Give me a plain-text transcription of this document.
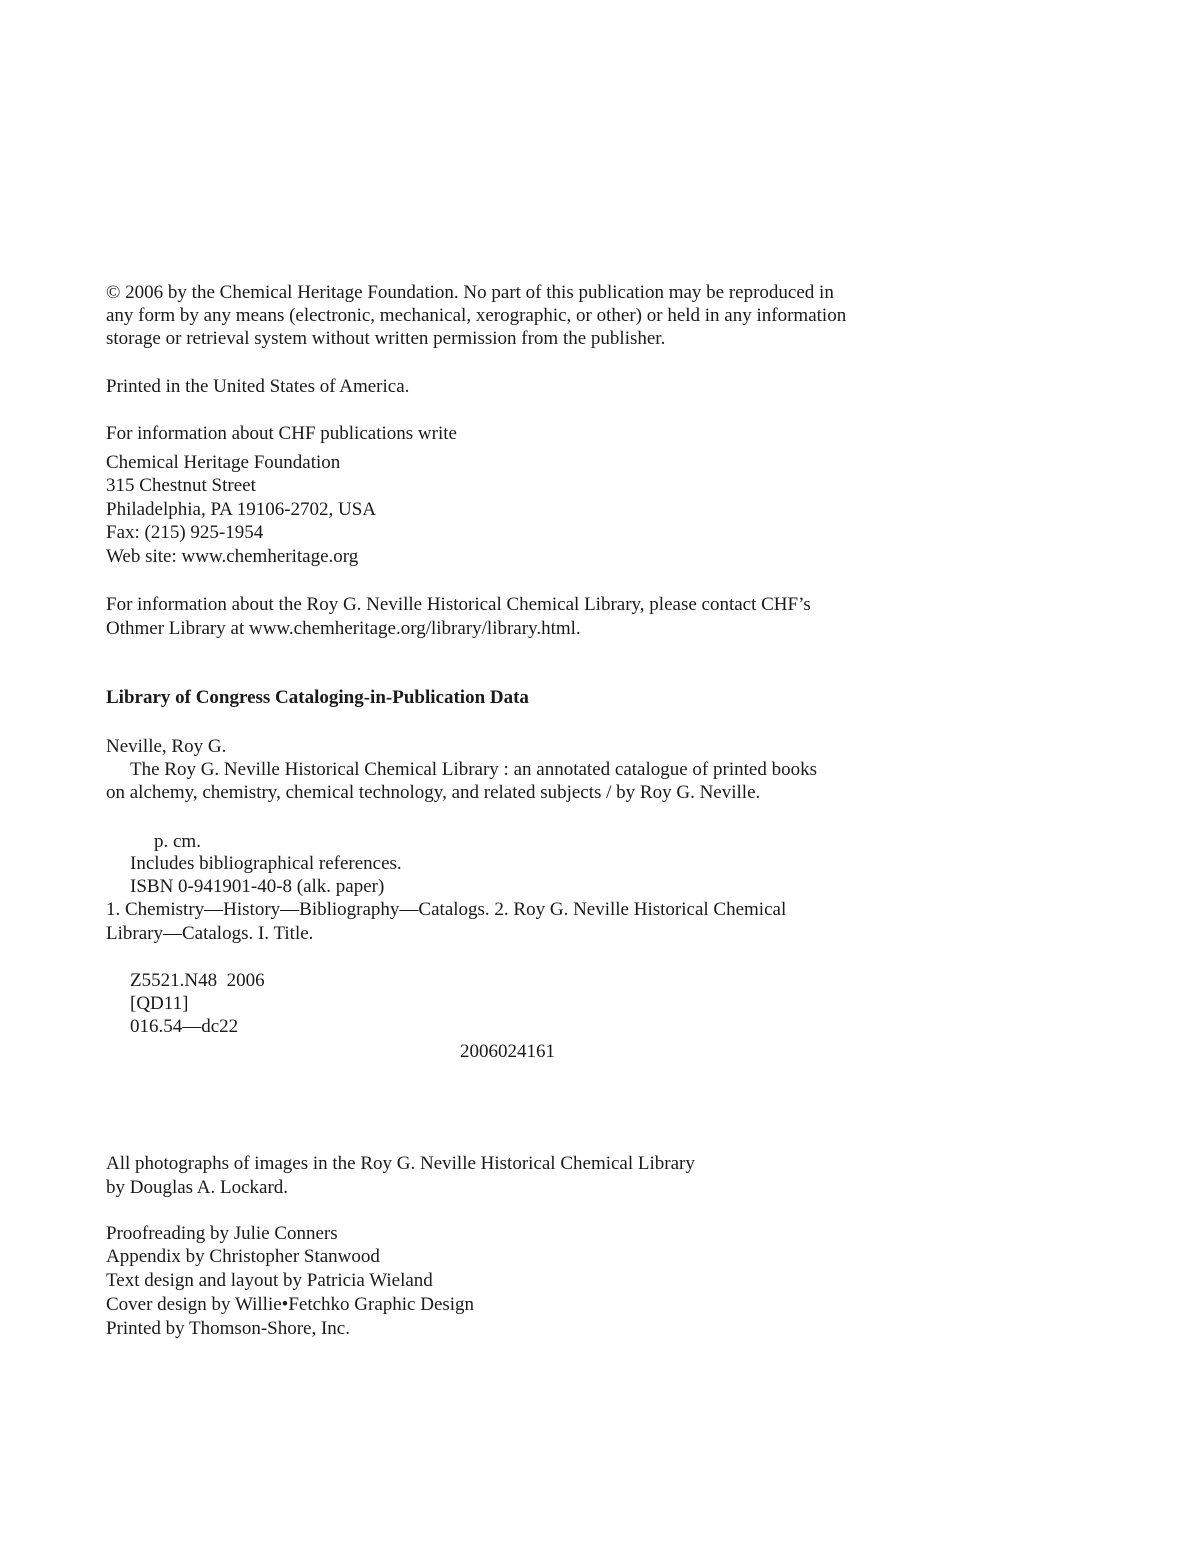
© 2006 by the Chemical Heritage Foundation. No part of this publication may be reproduced in
any form by any means (electronic, mechanical, xerographic, or other) or held in any information
storage or retrieval system without written permission from the publisher.
Printed in the United States of America.
For information about CHF publications write
Chemical Heritage Foundation
315 Chestnut Street
Philadelphia, PA 19106-2702, USA
Fax: (215) 925-1954
Web site: www.chemheritage.org
For information about the Roy G. Neville Historical Chemical Library, please contact CHF’s
Othmer Library at www.chemheritage.org/library/library.html.
Library of Congress Cataloging-in-Publication Data
Neville, Roy G.
The Roy G. Neville Historical Chemical Library : an annotated catalogue of printed books
on alchemy, chemistry, chemical technology, and related subjects / by Roy G. Neville.
p. cm.
Includes bibliographical references.
ISBN 0-941901-40-8 (alk. paper)
1. Chemistry—History—Bibliography—Catalogs. 2. Roy G. Neville Historical Chemical
Library—Catalogs. I. Title.
Z5521.N48  2006
[QD11]
016.54—dc22
2006024161
All photographs of images in the Roy G. Neville Historical Chemical Library
by Douglas A. Lockard.
Proofreading by Julie Conners
Appendix by Christopher Stanwood
Text design and layout by Patricia Wieland
Cover design by Willie•Fetchko Graphic Design
Printed by Thomson-Shore, Inc.
